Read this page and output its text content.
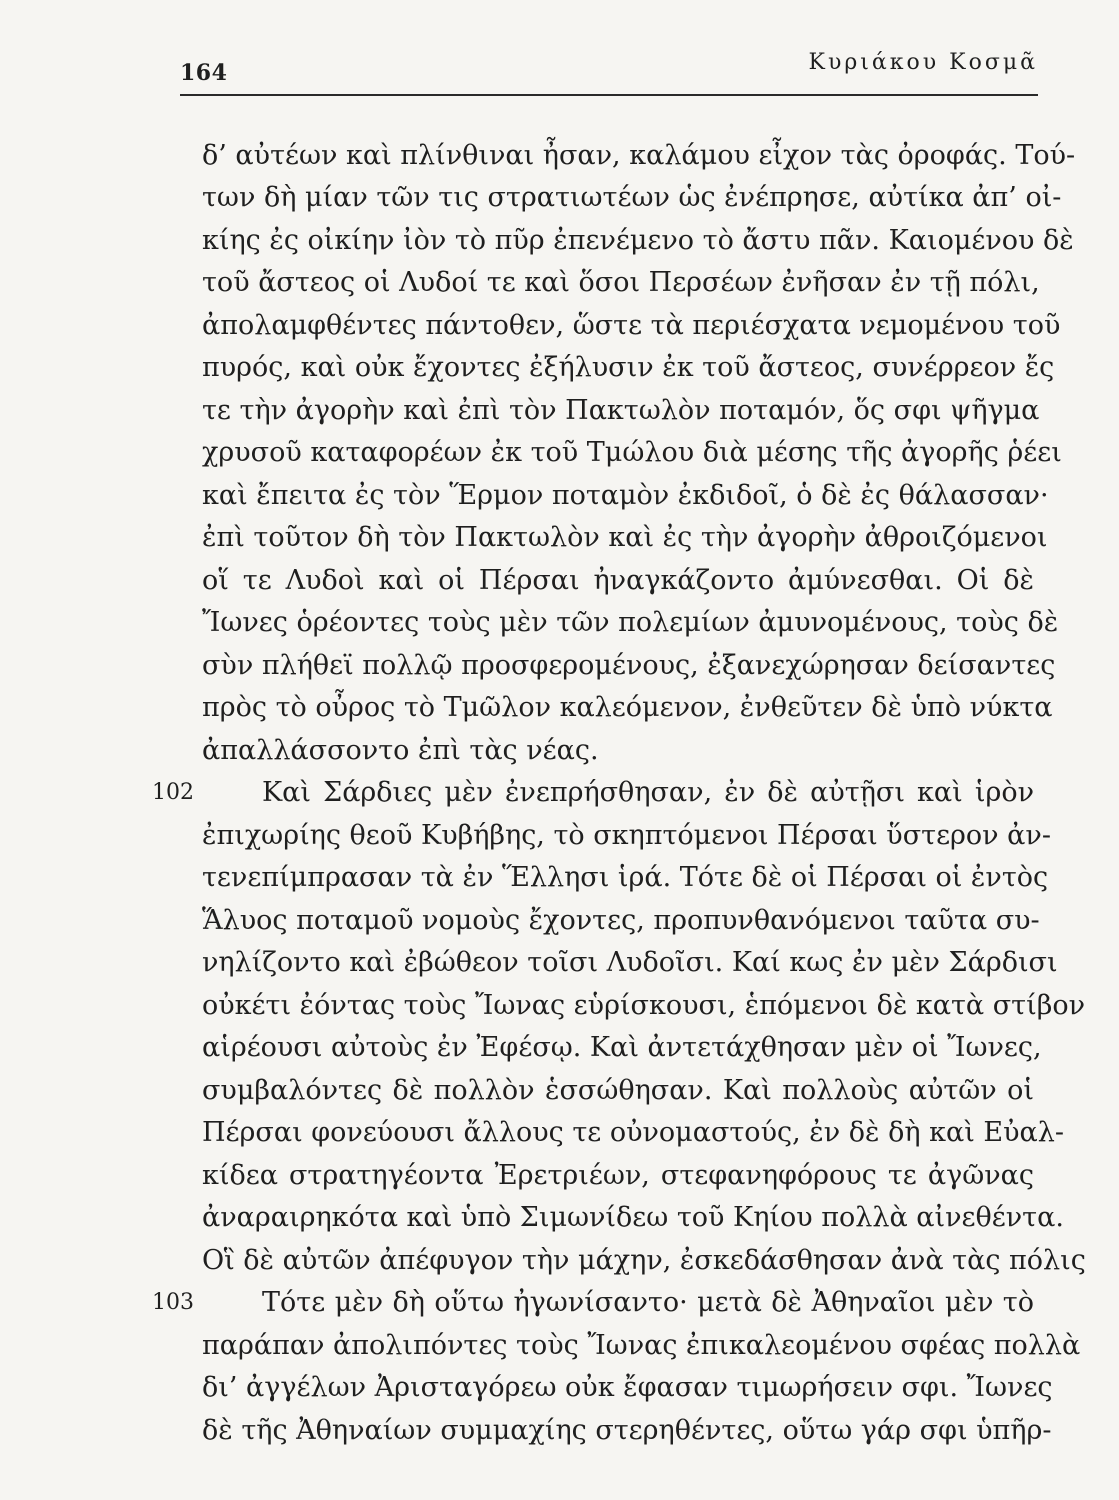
164	Κυριάκου Κοσμᾶ
δ’ αὐτέων καὶ πλίνθιναι ἦσαν, καλάμου εἶχον τὰς ὀροφάς. Τού-
των δὴ μίαν τῶν τις στρατιωτέων ὡς ἐνέπρησε, αὐτίκα ἀπ’ οἰ-
κίης ἐς οἰκίην ἰὸν τὸ πῦρ ἐπενέμενο τὸ ἄστυ πᾶν. Καιομένου δὲ
τοῦ ἄστεος οἱ Λυδοί τε καὶ ὅσοι Περσέων ἐνῆσαν ἐν τῇ πόλι,
ἀπολαμφθέντες πάντοθεν, ὥστε τὰ περιέσχατα νεμομένου τοῦ
πυρός, καὶ οὐκ ἔχοντες ἐξήλυσιν ἐκ τοῦ ἄστεος, συνέρρεον ἔς
τε τὴν ἀγορὴν καὶ ἐπὶ τὸν Πακτωλὸν ποταμόν, ὅς σφι ψῆγμα
χρυσοῦ καταφορέων ἐκ τοῦ Τμώλου διὰ μέσης τῆς ἀγορῆς ῥέει
καὶ ἔπειτα ἐς τὸν Ἕρμον ποταμὸν ἐκδιδοῖ, ὁ δὲ ἐς θάλασσαν·
ἐπὶ τοῦτον δὴ τὸν Πακτωλὸν καὶ ἐς τὴν ἀγορὴν ἀθροιζόμενοι
οἵ τε Λυδοὶ καὶ οἱ Πέρσαι ἠναγκάζοντο ἀμύνεσθαι. Οἱ δὲ
Ἴωνες ὁρέοντες τοὺς μὲν τῶν πολεμίων ἀμυνομένους, τοὺς δὲ
σὺν πλήθεϊ πολλῷ προσφερομένους, ἐξανεχώρησαν δείσαντες
πρὸς τὸ οὖρος τὸ Τμῶλον καλεόμενον, ἐνθεῦτεν δὲ ὑπὸ νύκτα
ἀπαλλάσσοντο ἐπὶ τὰς νέας.
102	Καὶ Σάρδιες μὲν ἐνεπρήσθησαν, ἐν δὲ αὐτῇσι καὶ ἱρὸν
ἐπιχωρίης θεοῦ Κυβήβης, τὸ σκηπτόμενοι Πέρσαι ὕστερον ἀν-
τενεπίμπρασαν τὰ ἐν Ἕλλησι ἱρά. Τότε δὲ οἱ Πέρσαι οἱ ἐντὸς
Ἅλυος ποταμοῦ νομοὺς ἔχοντες, προπυνθανόμενοι ταῦτα συ-
νηλίζοντο καὶ ἐβώθεον τοῖσι Λυδοῖσι. Καί κως ἐν μὲν Σάρδισι
οὐκέτι ἐόντας τοὺς Ἴωνας εὑρίσκουσι, ἑπόμενοι δὲ κατὰ στίβον
αἱρέουσι αὐτοὺς ἐν Ἐφέσῳ. Καὶ ἀντετάχθησαν μὲν οἱ Ἴωνες,
συμβαλόντες δὲ πολλὸν ἑσσώθησαν. Καὶ πολλοὺς αὐτῶν οἱ
Πέρσαι φονεύουσι ἄλλους τε οὐνομαστούς, ἐν δὲ δὴ καὶ Εὐαλ-
κίδεα στρατηγέοντα Ἐρετριέων, στεφανηφόρους τε ἀγῶνας
ἀναραιρηκότα καὶ ὑπὸ Σιμωνίδεω τοῦ Κηίου πολλὰ αἰνεθέντα.
Οἳ δὲ αὐτῶν ἀπέφυγον τὴν μάχην, ἐσκεδάσθησαν ἀνὰ τὰς πόλις
103	Τότε μὲν δὴ οὕτω ἠγωνίσαντο· μετὰ δὲ Ἀθηναῖοι μὲν τὸ
παράπαν ἀπολιπόντες τοὺς Ἴωνας ἐπικαλεομένου σφέας πολλὰ
δι’ ἀγγέλων Ἀρισταγόρεω οὐκ ἔφασαν τιμωρήσειν σφι. Ἴωνες
δὲ τῆς Ἀθηναίων συμμαχίης στερηθέντες, οὕτω γάρ σφι ὑπῆρ-
